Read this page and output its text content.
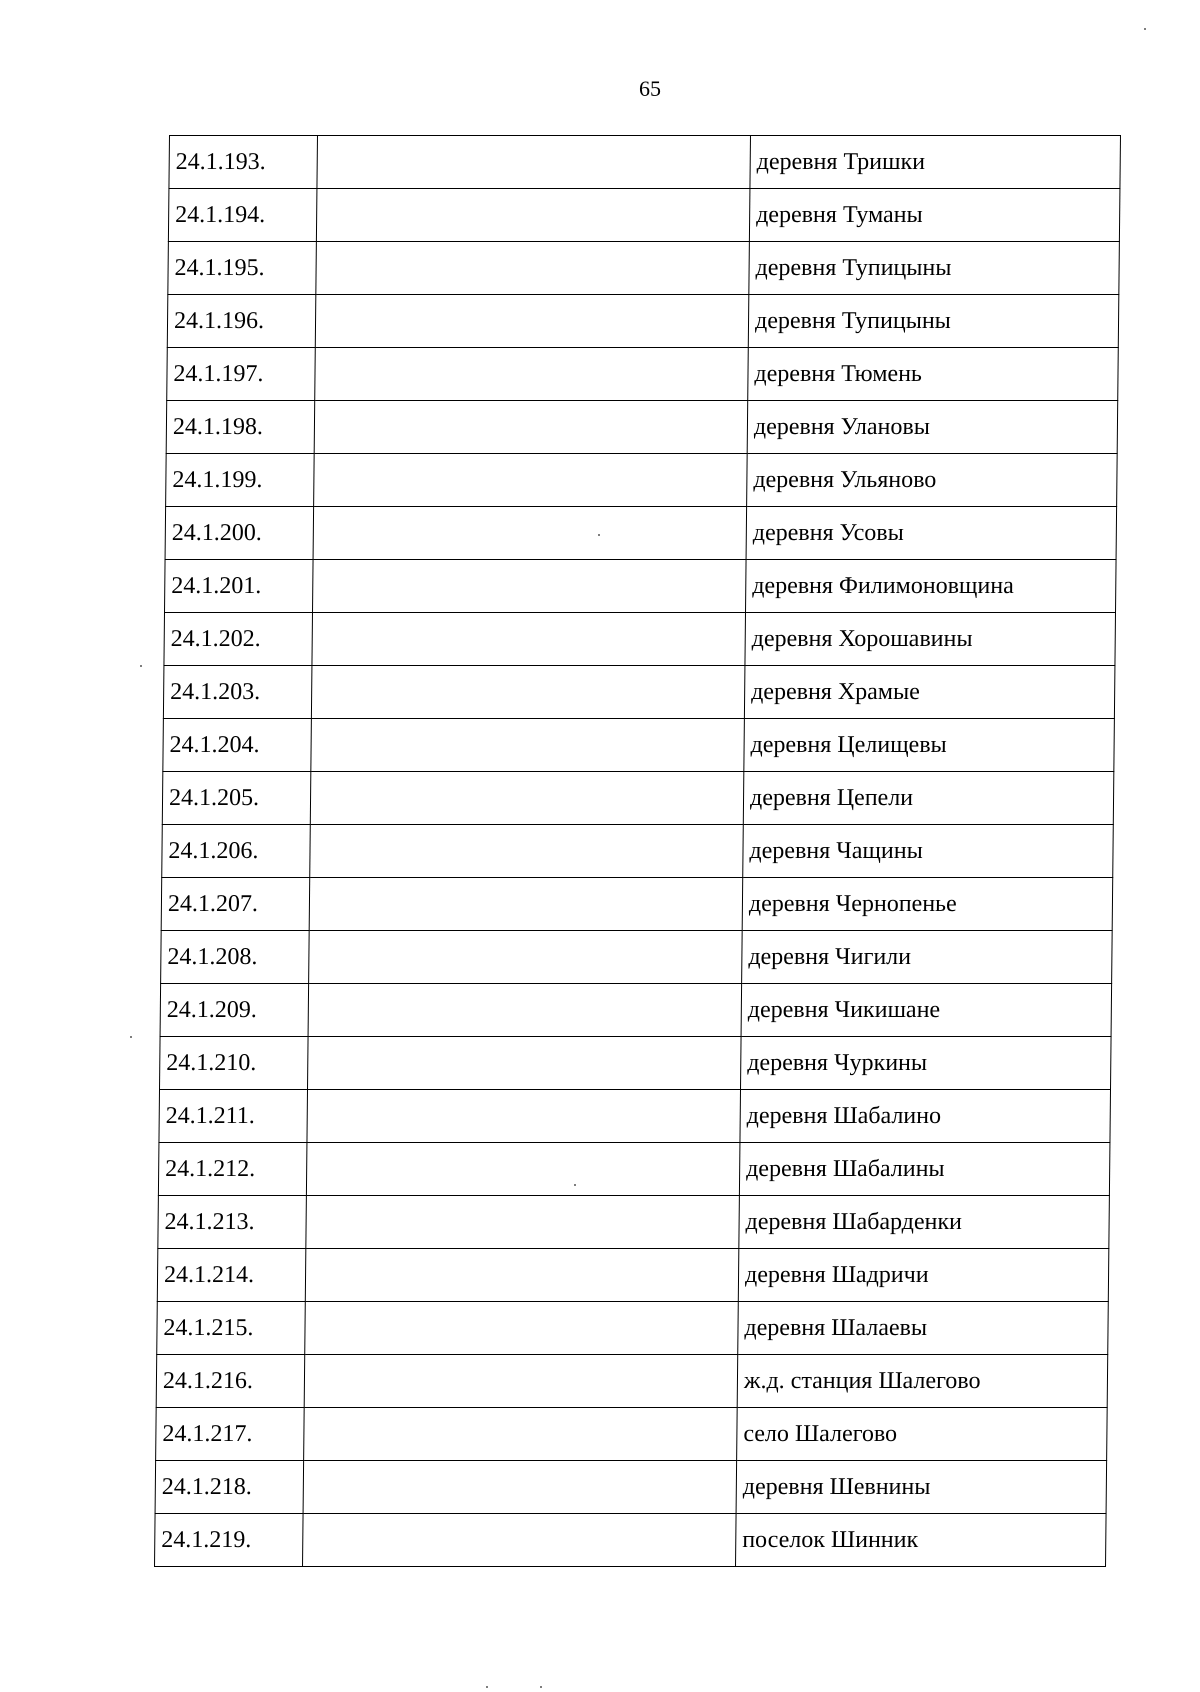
65
24.1.193.		деревня Тришки
24.1.194.		деревня Туманы
24.1.195.		деревня Тупицыны
24.1.196.		деревня Тупицыны
24.1.197.		деревня Тюмень
24.1.198.		деревня Улановы
24.1.199.		деревня Ульяново
24.1.200.		деревня Усовы
24.1.201.		деревня Филимоновщина
24.1.202.		деревня Хорошавины
24.1.203.		деревня Храмые
24.1.204.		деревня Целищевы
24.1.205.		деревня Цепели
24.1.206.		деревня Чащины
24.1.207.		деревня Чернопенье
24.1.208.		деревня Чигили
24.1.209.		деревня Чикишане
24.1.210.		деревня Чуркины
24.1.211.		деревня Шабалино
24.1.212.		деревня Шабалины
24.1.213.		деревня Шабарденки
24.1.214.		деревня Шадричи
24.1.215.		деревня Шалаевы
24.1.216.		ж.д. станция Шалегово
24.1.217.		село Шалегово
24.1.218.		деревня Шевнины
24.1.219.		поселок Шинник
